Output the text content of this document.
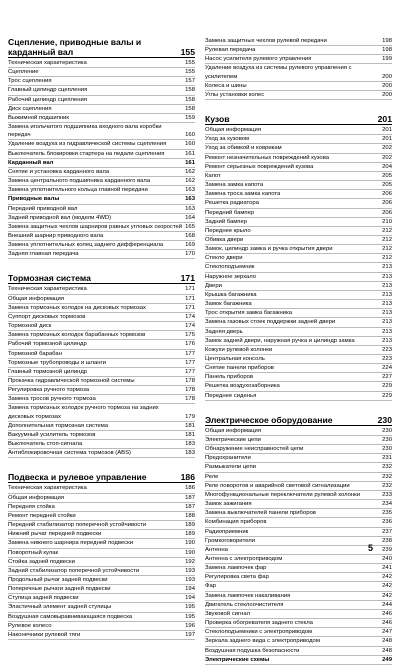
Сцепление, приводные валы и карданный вал	155
Техническая характеристика	155
Сцепление	155
Трос сцепления	157
Главный цилиндр сцепления	158
Рабочий цилиндр сцепления	158
Диск сцепления	158
Выжимной подшипник	159
Замена игольчатого подшипника входного вала коробки передач	160
Удаление воздуха из гидравлической системы сцепления	160
Выключатель блокировки стартера на педали сцепления	161
Карданный вал	161
Снятие и установка карданного вала	162
Замена центрального подшипника карданного вала	162
Замена уплотнительного кольца главной передачи	163
Приводные валы	163
Передний приводной вал	163
Задний приводной вал (модели 4WD)	164
Замена защитных чехлов шарниров равных угловых скоростей 165
Внешний шарнир приводного вала	168
Замена уплотнительных колец заднего дифференциала	169
Задняя главная передача	170
Тормозная система	171
Техническая характеристика	171
Общая информация	171
Замена тормозных колодок на дисковых тормозах	171
Суппорт дисковых тормозов	174
Тормозной диск	174
Замена тормозных колодок барабанных тормозов	175
Рабочий тормозной цилиндр	176
Тормозной барабан	177
Тормозные трубопроводы и шланги	177
Главный тормозной цилиндр	177
Прокачка гидравлической тормозной системы	178
Регулировка ручного тормоза	178
Замена тросов ручного тормоза	178
Замена тормозных колодок ручного тормоза на задних дисковых тормозах	179
Дополнительная тормозная система	181
Вакуумный усилитель тормозов	181
Выключатель стоп-сигнала	183
Антиблокировочная система тормозов (ABS)	183
Подвеска и рулевое управление	186
Техническая характеристика	186
Общая информация	187
Передняя стойка	187
Ремонт передней стойки	188
Передний стабилизатор поперечной устойчивости	189
Нижний рычаг передней подвески	189
Замена нижнего шарнира передней подвески	190
Поворотный кулак	190
Стойка задней подвески	192
Задний стабилизатор поперечной устойчивости	193
Продольный рычаг задней подвески	193
Поперечные рычаги задней подвески	194
Ступица задней подвески	194
Эластичный элемент задней ступицы	195
Воздушная самовыравнивающаяся подвеска	195
Рулевое колесо	196
Наконечники рулевой тяги	197
Замена защитных чехлов рулевой передачи	198
Рулевая передача	198
Насос усилителя рулевого управления	199
Удаление воздуха из системы рулевого управления с усилителем	200
Колеса и шины	200
Углы установки колес	200
Кузов	201
Общая информация	201
Уход за кузовом	201
Уход за обивкой и коврикам	202
Ремонт незначительных повреждений кузова	202
Ремонт серьезных повреждений кузова	204
Капот	205
Замена замка капота	205
Замена троса замка капота	206
Решетка радиатора	206
Передний бампер	206
Задний бампер	210
Переднее крыло	212
Обивка двери	212
Замок, цилиндр замка и ручка открытия двери	212
Стекло двери	212
Стеклоподъемник	213
Наружное зеркало	213
Двери	213
Крышка багажника	213
Замок багажника	213
Трос открытия замка багажника	213
Замена газовых стоек поддержки задней двери	213
Задняя дверь	213
Замок задней двери, наружная ручка и цилиндр замка	213
Кожухи рулевой колонки	223
Центральная консоль	223
Снятие панели приборов	224
Панель приборов	227
Решетка воздухозаборника	229
Переднее сиденья	229
Электрическое оборудование	230
Общая информация	230
Электрические цепи	230
Обнаружение неисправностей цепи	230
Предохранители	231
Размыкатели цепи	232
Реле	232
Реле поворотов и аварийной световой сигнализации	232
Многофункциональные переключатели рулевой колонки	233
Замок зажигания	234
Замена выключателей панели приборов	235
Комбинация приборов	236
Радиоприемник	237
Громкоговорители	238
Антенна	239
Антенна с электроприводом	240
Замена лампочек фар	241
Регулировка света фар	242
Фар	242
Замена лампочек накаливания	242
Двигатель стеклоочистителя	244
Звуковой сигнал	246
Проверка обогревателя заднего стекла	246
Стеклоподъемники с электроприводом	247
Зеркала заднего вида с электроприводом	248
Воздушная подушка безопасности	248
Электрические схемы	249
5
